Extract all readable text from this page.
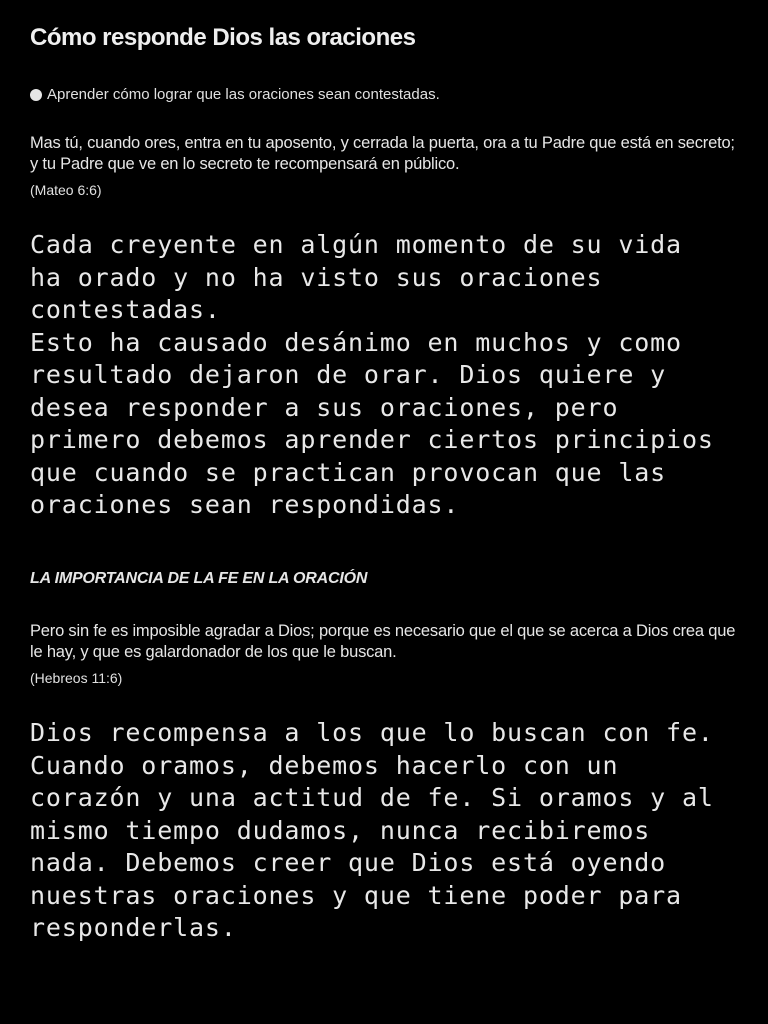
Cómo responde Dios las oraciones
Aprender cómo lograr que las oraciones sean contestadas.
Mas tú, cuando ores, entra en tu aposento, y cerrada la puerta, ora a tu Padre que está en secreto; y tu Padre que ve en lo secreto te recompensará en público.
(Mateo 6:6)
Cada creyente en algún momento de su vida
ha orado y no ha visto sus oraciones
contestadas.
Esto ha causado desánimo en muchos y como
resultado dejaron de orar. Dios quiere y
desea responder a sus oraciones, pero
primero debemos aprender ciertos principios
que cuando se practican provocan que las
oraciones sean respondidas.
LA IMPORTANCIA DE LA FE EN LA ORACIÓN
Pero sin fe es imposible agradar a Dios; porque es necesario que el que se acerca a Dios crea que le hay, y que es galardonador de los que le buscan.
(Hebreos 11:6)
Dios recompensa a los que lo buscan con fe.
Cuando oramos, debemos hacerlo con un
corazón y una actitud de fe. Si oramos y al
mismo tiempo dudamos, nunca recibiremos
nada. Debemos creer que Dios está oyendo
nuestras oraciones y que tiene poder para
responderlas.
